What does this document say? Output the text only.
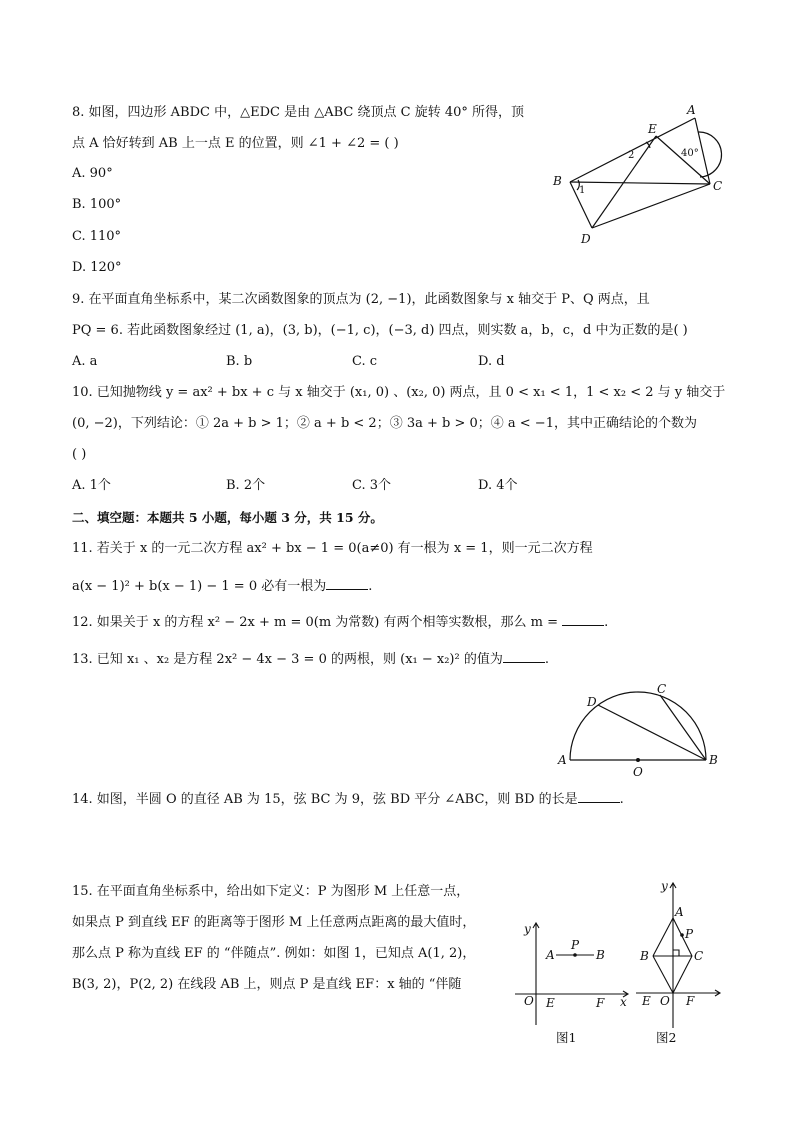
8. 如图，四边形 ABDC 中，△EDC 是由 △ABC 绕顶点 C 旋转 40° 所得，顶
点 A 恰好转到 AB 上一点 E 的位置，则 ∠1 + ∠2 = ( )
A. 90°
B. 100°
C. 110°
D. 120°
A
E
B	C
D
1
2	40°
9. 在平面直角坐标系中，某二次函数图象的顶点为 (2, −1)，此函数图象与 x 轴交于 P、Q 两点，且
PQ = 6. 若此函数图象经过 (1, a)，(3, b)，(−1, c)，(−3, d) 四点，则实数 a，b，c，d 中为正数的是( )
A. a	B. b	C. c	D. d
10. 已知抛物线 y = ax² + bx + c 与 x 轴交于 (x₁, 0) 、(x₂, 0) 两点，且 0 < x₁ < 1，1 < x₂ < 2 与 y 轴交于
(0, −2)，下列结论：① 2a + b > 1；② a + b < 2；③ 3a + b > 0；④ a < −1，其中正确结论的个数为
( )
A. 1个	B. 2个	C. 3个	D. 4个
二、填空题：本题共 5 小题，每小题 3 分，共 15 分。
11. 若关于 x 的一元二次方程 ax² + bx − 1 = 0(a≠0) 有一根为 x = 1，则一元二次方程
a(x − 1)² + b(x − 1) − 1 = 0 必有一根为	.
12. 如果关于 x 的方程 x² − 2x + m = 0(m 为常数) 有两个相等实数根，那么 m =	.
13. 已知 x₁ 、x₂ 是方程 2x² − 4x − 3 = 0 的两根，则 (x₁ − x₂)² 的值为	.
A	B
C
D
O
14. 如图，半圆 O 的直径 AB 为 15，弦 BC 为 9，弦 BD 平分 ∠ABC，则 BD 的长是	.
15. 在平面直角坐标系中，给出如下定义：P 为图形 M 上任意一点，
如果点 P 到直线 EF 的距离等于图形 M 上任意两点距离的最大值时，
那么点 P 称为直线 EF 的 “伴随点”. 例如：如图 1，已知点 A(1, 2)，
B(3, 2)，P(2, 2) 在线段 AB 上，则点 P 是直线 EF：x 轴的 “伴随
y
x
O
A
P
B
E	F
图1
y
A
P
B	C
E O F
图2
